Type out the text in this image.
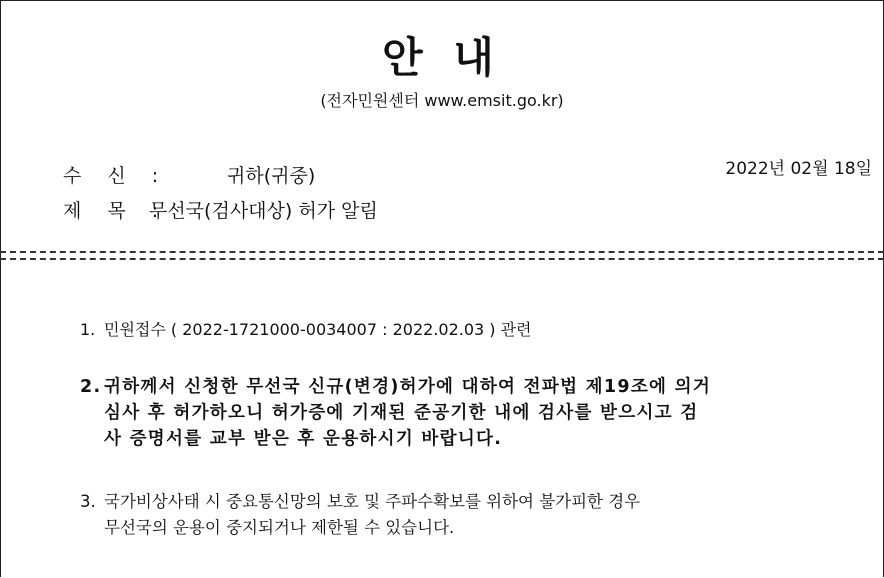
안 내
(전자민원센터 www.emsit.go.kr)
수 신 :	귀하(귀중)	2022년 02월 18일
제 목 :무선국(검사대상) 허가 알림
1. 민원접수 ( 2022-1721000-0034007 : 2022.02.03 ) 관련
2. 귀하께서 신청한 무선국 신규(변경)허가에 대하여 전파법 제19조에 의거
심사 후 허가하오니 허가증에 기재된 준공기한 내에 검사를 받으시고 검
사 증명서를 교부 받은 후 운용하시기 바랍니다.
3. 국가비상사태 시 중요통신망의 보호 및 주파수확보를 위하여 불가피한 경우
무선국의 운용이 중지되거나 제한될 수 있습니다.
